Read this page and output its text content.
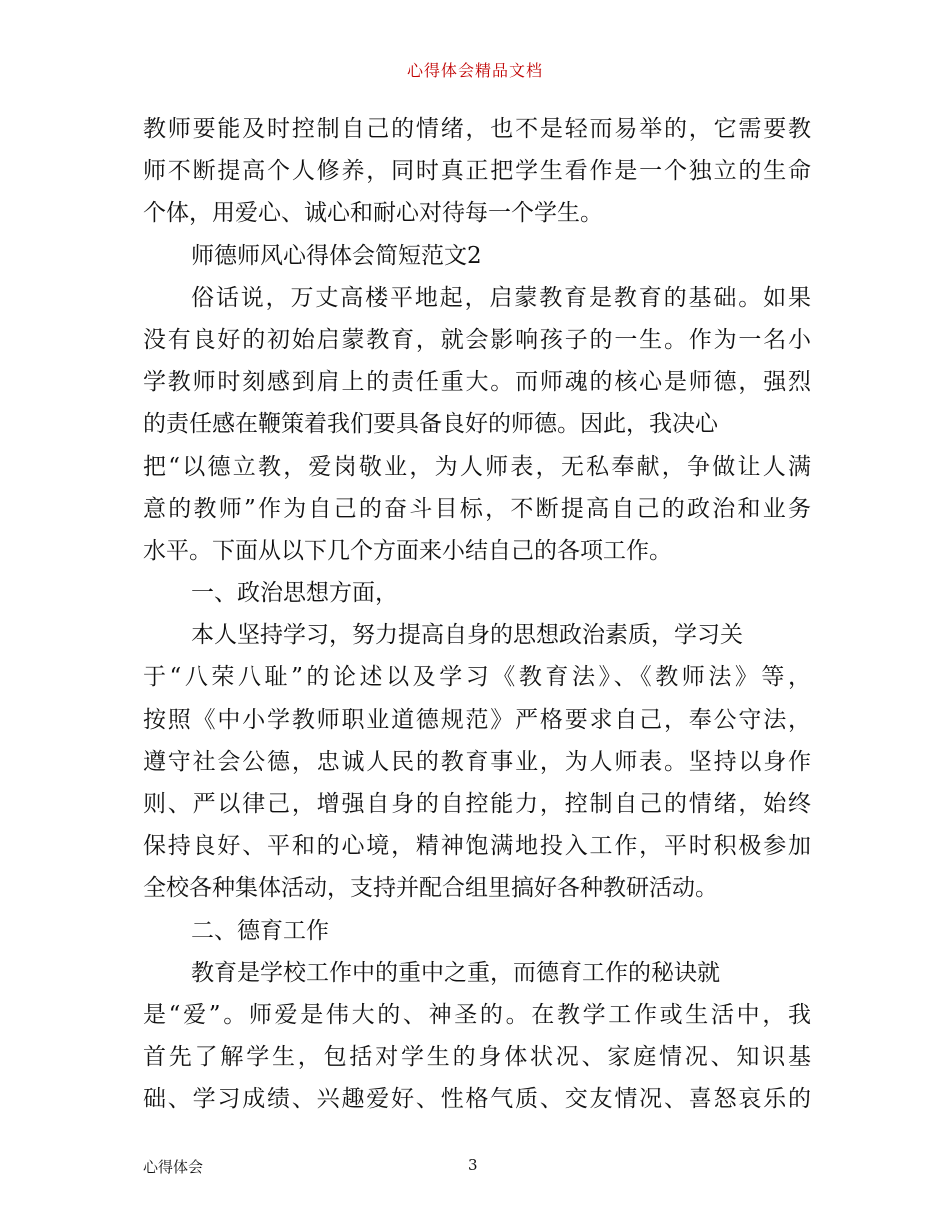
心得体会精品文档
教师要能及时控制自己的情绪，也不是轻而易举的，它需要教
师不断提高个人修养，同时真正把学生看作是一个独立的生命
个体，用爱心、诚心和耐心对待每一个学生。
师德师风心得体会简短范文2
俗话说，万丈高楼平地起，启蒙教育是教育的基础。如果
没有良好的初始启蒙教育，就会影响孩子的一生。作为一名小
学教师时刻感到肩上的责任重大。而师魂的核心是师德，强烈
的责任感在鞭策着我们要具备良好的师德。因此，我决心
把“以德立教，爱岗敬业，为人师表，无私奉献，争做让人满
意的教师”作为自己的奋斗目标，不断提高自己的政治和业务
水平。下面从以下几个方面来小结自己的各项工作。
一、政治思想方面，
本人坚持学习，努力提高自身的思想政治素质，学习关
于“八荣八耻”的论述以及学习《教育法》、《教师法》等，
按照《中小学教师职业道德规范》严格要求自己，奉公守法，
遵守社会公德，忠诚人民的教育事业，为人师表。坚持以身作
则、严以律己，增强自身的自控能力，控制自己的情绪，始终
保持良好、平和的心境，精神饱满地投入工作，平时积极参加
全校各种集体活动，支持并配合组里搞好各种教研活动。
二、德育工作
教育是学校工作中的重中之重，而德育工作的秘诀就
是“爱”。师爱是伟大的、神圣的。在教学工作或生活中，我
首先了解学生，包括对学生的身体状况、家庭情况、知识基
础、学习成绩、兴趣爱好、性格气质、交友情况、喜怒哀乐的
心得体会	3
